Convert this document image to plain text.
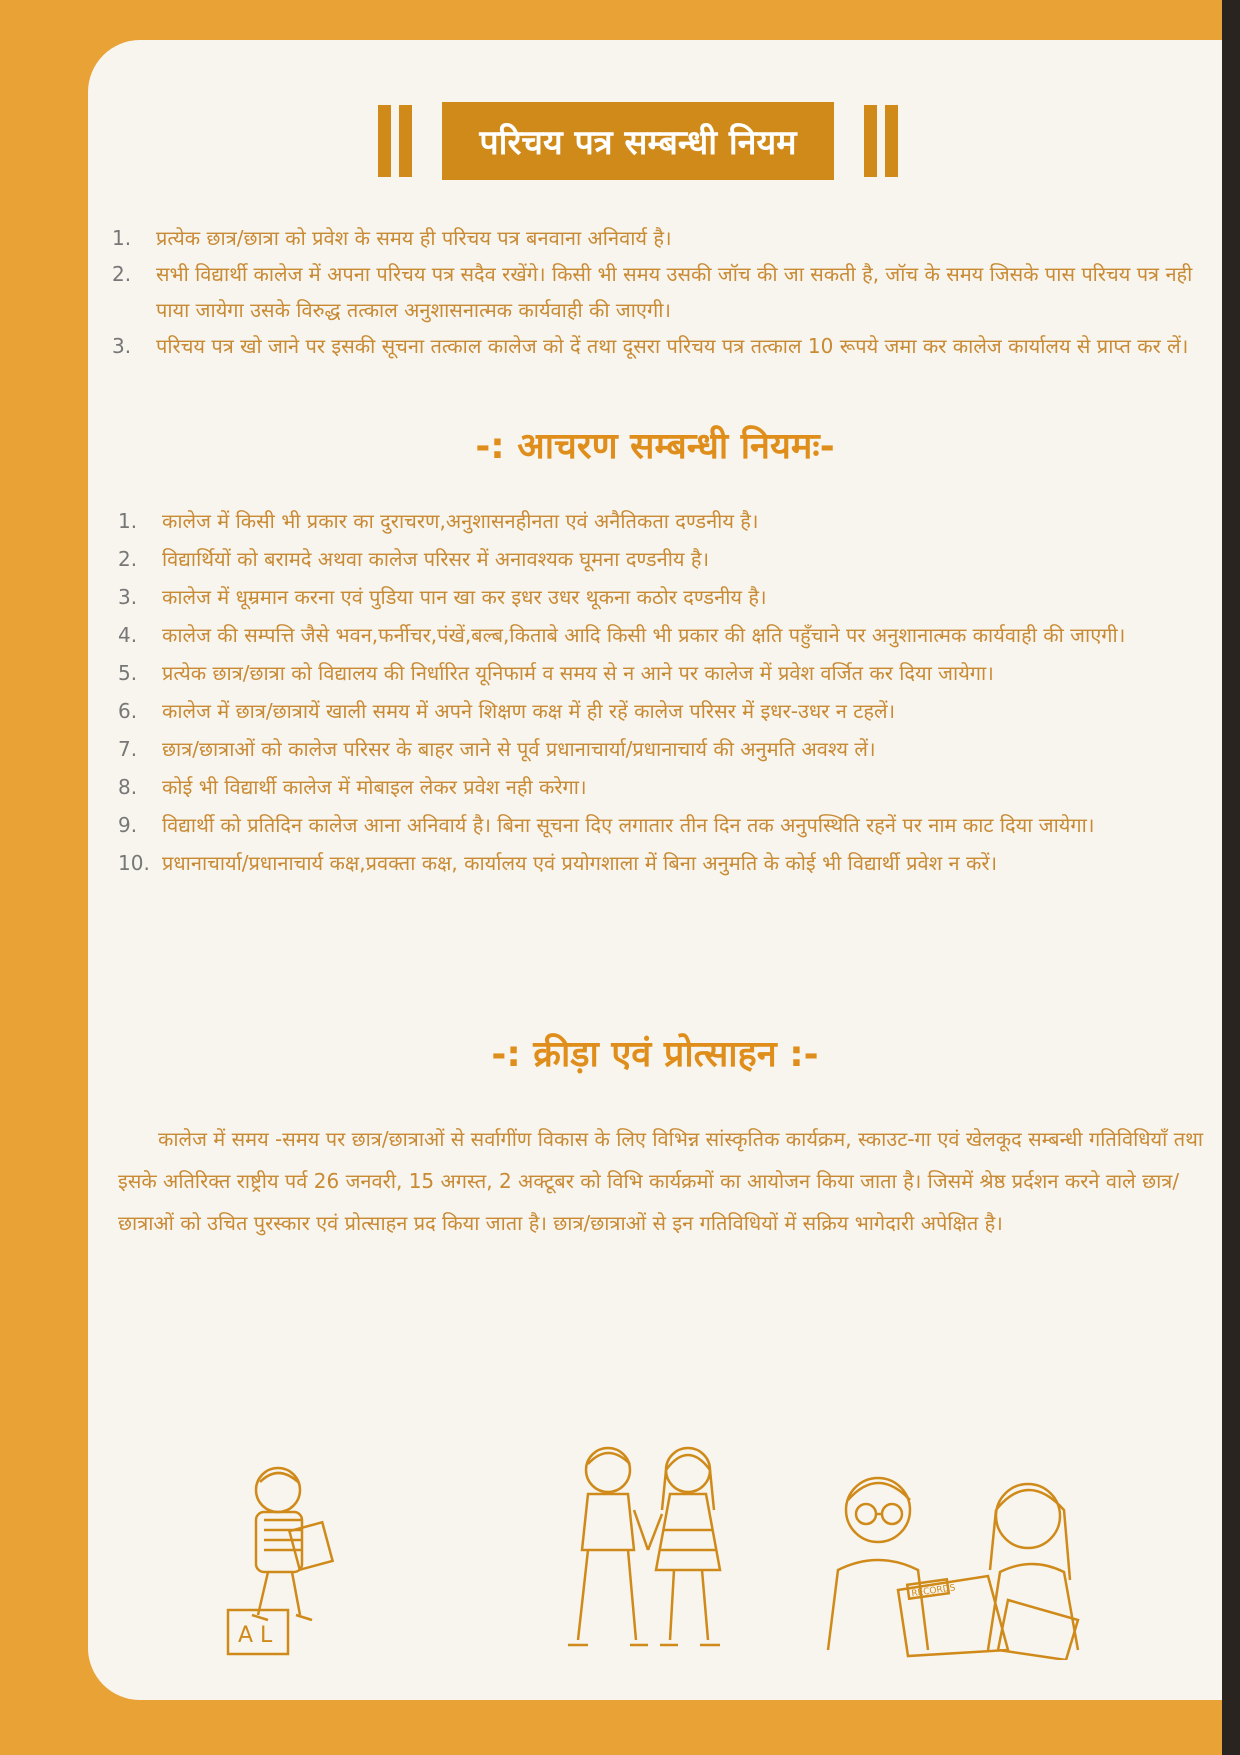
परिचय पत्र सम्बन्धी नियम
1.	प्रत्येक छात्र/छात्रा को प्रवेश के समय ही परिचय पत्र बनवाना अनिवार्य है।
2.	सभी विद्यार्थी कालेज में अपना परिचय पत्र सदैव रखेंगे। किसी भी समय उसकी जॉच की जा सकती है, जॉच के समय जिसके पास परिचय पत्र नही पाया जायेगा उसके विरुद्ध तत्काल अनुशासनात्मक कार्यवाही की जाएगी।
3.	परिचय पत्र खो जाने पर इसकी सूचना तत्काल कालेज को दें तथा दूसरा परिचय पत्र तत्काल 10 रूपये जमा कर कालेज कार्यालय से प्राप्त कर लें।
-: आचरण सम्बन्धी नियमः-
1.	कालेज में किसी भी प्रकार का दुराचरण,अनुशासनहीनता एवं अनैतिकता दण्डनीय है।
2.	विद्यार्थियों को बरामदे अथवा कालेज परिसर में अनावश्यक घूमना दण्डनीय है।
3.	कालेज में धूम्रमान करना एवं पुडिया पान खा कर इधर उधर थूकना कठोर दण्डनीय है।
4.	कालेज की सम्पत्ति जैसे भवन,फर्नीचर,पंखें,बल्ब,किताबे आदि किसी भी प्रकार की क्षति पहुँचाने पर अनुशानात्मक कार्यवाही की जाएगी।
5.	प्रत्येक छात्र/छात्रा को विद्यालय की निर्धारित यूनिफार्म व समय से न आने पर कालेज में प्रवेश वर्जित कर दिया जायेगा।
6.	कालेज में छात्र/छात्रायें खाली समय में अपने शिक्षण कक्ष में ही रहें कालेज परिसर में इधर-उधर न टहलें।
7.	छात्र/छात्राओं को कालेज परिसर के बाहर जाने से पूर्व प्रधानाचार्या/प्रधानाचार्य की अनुमति अवश्य लें।
8.	कोई भी विद्यार्थी कालेज में मोबाइल लेकर प्रवेश नही करेगा।
9.	विद्यार्थी को प्रतिदिन कालेज आना अनिवार्य है। बिना सूचना दिए लगातार तीन दिन तक अनुपस्थिति रहनें पर नाम काट दिया जायेगा।
10. प्रधानाचार्या/प्रधानाचार्य कक्ष,प्रवक्ता कक्ष, कार्यालय एवं प्रयोगशाला में बिना अनुमति के कोई भी विद्यार्थी प्रवेश न करें।
-: क्रीड़ा एवं प्रोत्साहन :-
कालेज में समय -समय पर छात्र/छात्राओं से सर्वागींण विकास के लिए विभिन्न सांस्कृतिक कार्यक्रम, स्काउट-गा एवं खेलकूद सम्बन्धी गतिविधियाँ तथा इसके अतिरिक्त राष्ट्रीय पर्व 26 जनवरी, 15 अगस्त, 2 अक्टूबर को विभि कार्यक्रमों का आयोजन किया जाता है। जिसमें श्रेष्ठ प्रर्दशन करने वाले छात्र/छात्राओं को उचित पुरस्कार एवं प्रोत्साहन प्रद किया जाता है। छात्र/छात्राओं से इन गतिविधियों में सक्रिय भागेदारी अपेक्षित है।
A L
RECORDS
